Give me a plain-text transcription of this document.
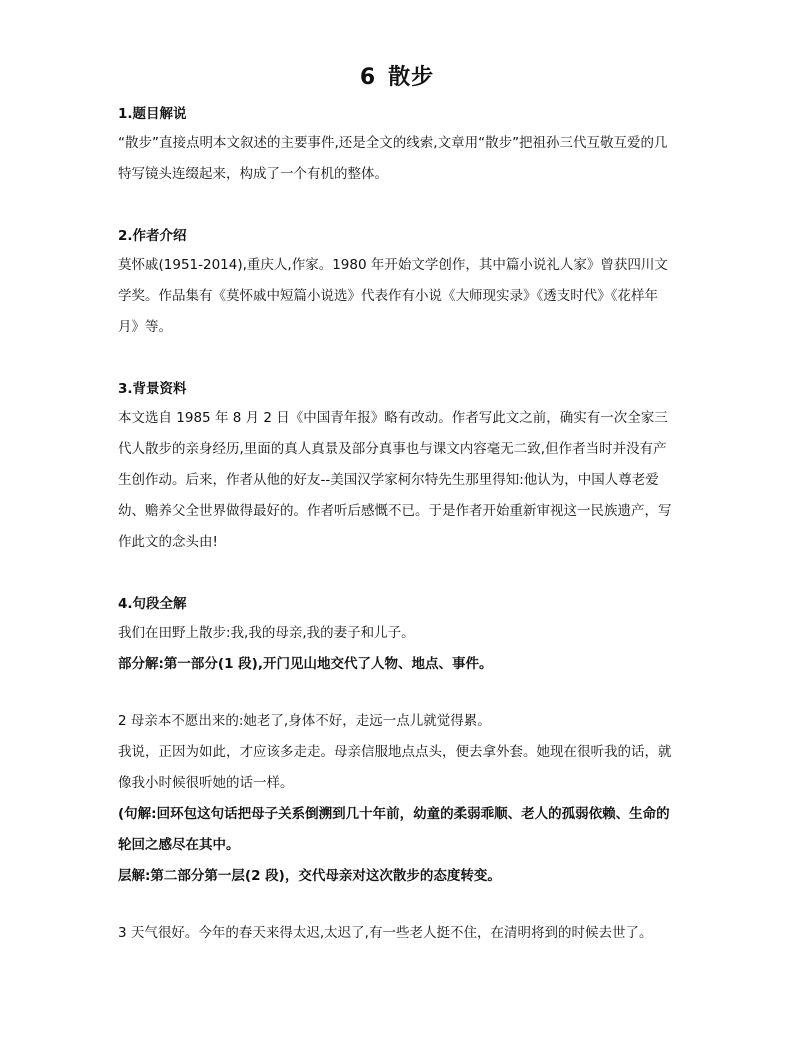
6 散步
1.题目解说

“散步”直接点明本文叙述的主要事件,还是全文的线索,文章用“散步”把祖孙三代互敬互爱的几特写镜头连缀起来，构成了一个有机的整体。

2.作者介绍

莫怀戚(1951-2014),重庆人,作家。1980 年开始文学创作，其中篇小说礼人家》曾获四川文学奖。作品集有《莫怀戚中短篇小说选》代表作有小说《大师现实录》《透支时代》《花样年月》等。

3.背景资料

本文选自 1985 年 8 月 2 日《中国青年报》略有改动。作者写此文之前，确实有一次全家三代人散步的亲身经历,里面的真人真景及部分真事也与课文内容毫无二致,但作者当时并没有产生创作动。后来，作者从他的好友--美国汉学家柯尔特先生那里得知:他认为，中国人尊老爱幼、赡养父全世界做得最好的。作者听后感慨不已。于是作者开始重新审视这一民族遗产，写作此文的念头由!

4.句段全解
我们在田野上散步:我,我的母亲,我的妻子和儿子。
部分解:第一部分(1 段),开门见山地交代了人物、地点、事件。
2 母亲本不愿出来的:她老了,身体不好，走远一点儿就觉得累。

我说，正因为如此，才应该多走走。母亲信服地点点头，便去拿外套。她现在很听我的话，就像我小时候很听她的话一样。

(句解:回环包这句话把母子关系倒溯到几十年前，幼童的柔弱乖顺、老人的孤弱依赖、生命的轮回之感尽在其中。

层解:第二部分第一层(2 段)，交代母亲对这次散步的态度转变。
3 天气很好。今年的春天来得太迟,太迟了,有一些老人挺不住，在清明将到的时候去世了。
